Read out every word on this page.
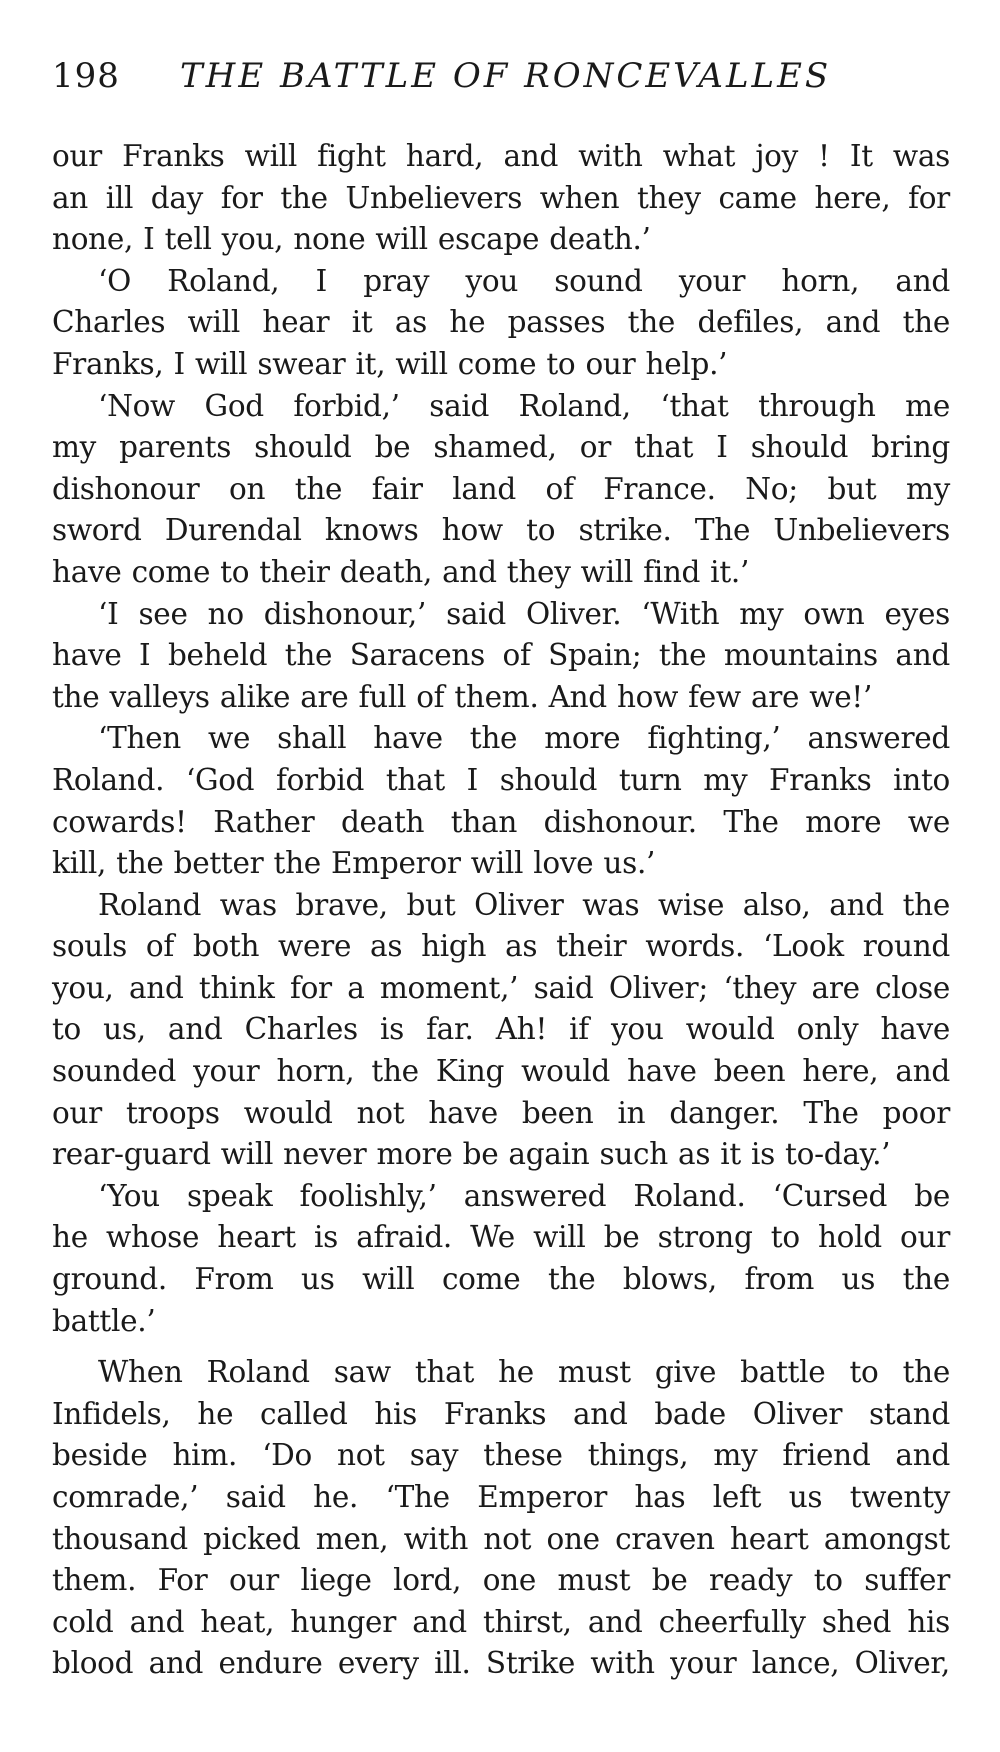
198 THE BATTLE OF RONCEVALLES
our Franks will fight hard, and with what joy ! It was
an ill day for the Unbelievers when they came here, for
none, I tell you, none will escape death.’
‘O Roland, I pray you sound your horn, and
Charles will hear it as he passes the defiles, and the
Franks, I will swear it, will come to our help.’
‘Now God forbid,’ said Roland, ‘that through me
my parents should be shamed, or that I should bring
dishonour on the fair land of France. No; but my
sword Durendal knows how to strike. The Unbelievers
have come to their death, and they will find it.’
‘I see no dishonour,’ said Oliver. ‘With my own eyes
have I beheld the Saracens of Spain; the mountains and
the valleys alike are full of them. And how few are we!’
‘Then we shall have the more fighting,’ answered
Roland. ‘God forbid that I should turn my Franks into
cowards! Rather death than dishonour. The more we
kill, the better the Emperor will love us.’
Roland was brave, but Oliver was wise also, and the
souls of both were as high as their words. ‘Look round
you, and think for a moment,’ said Oliver; ‘they are close
to us, and Charles is far. Ah! if you would only have
sounded your horn, the King would have been here, and
our troops would not have been in danger. The poor
rear-guard will never more be again such as it is to-day.’
‘You speak foolishly,’ answered Roland. ‘Cursed be
he whose heart is afraid. We will be strong to hold our
ground. From us will come the blows, from us the
battle.’
When Roland saw that he must give battle to the
Infidels, he called his Franks and bade Oliver stand
beside him. ‘Do not say these things, my friend and
comrade,’ said he. ‘The Emperor has left us twenty
thousand picked men, with not one craven heart amongst
them. For our liege lord, one must be ready to suffer
cold and heat, hunger and thirst, and cheerfully shed his
blood and endure every ill. Strike with your lance, Oliver,
